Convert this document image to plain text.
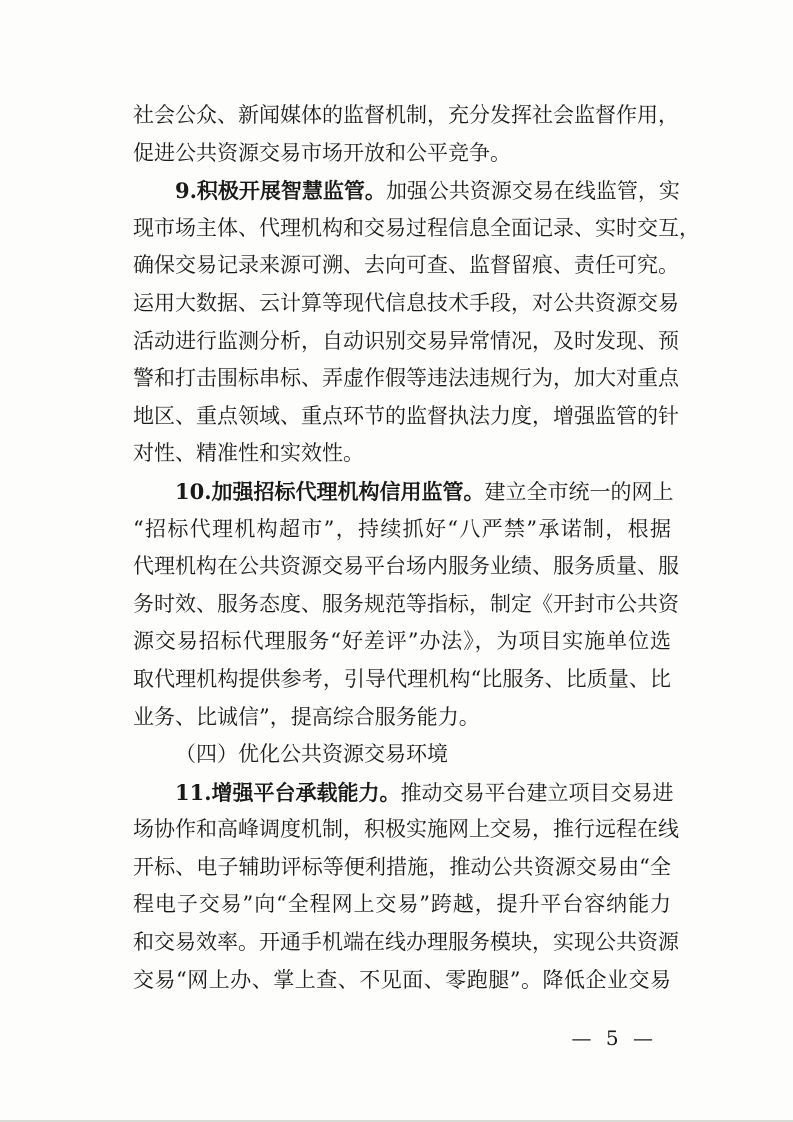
社会公众、新闻媒体的监督机制，充分发挥社会监督作用，
促进公共资源交易市场开放和公平竞争。
9.积极开展智慧监管。加强公共资源交易在线监管，实
现市场主体、代理机构和交易过程信息全面记录、实时交互，
确保交易记录来源可溯、去向可查、监督留痕、责任可究。
运用大数据、云计算等现代信息技术手段，对公共资源交易
活动进行监测分析，自动识别交易异常情况，及时发现、预
警和打击围标串标、弄虚作假等违法违规行为，加大对重点
地区、重点领域、重点环节的监督执法力度，增强监管的针
对性、精准性和实效性。
10.加强招标代理机构信用监管。建立全市统一的网上
“招标代理机构超市”，持续抓好“八严禁”承诺制，根据
代理机构在公共资源交易平台场内服务业绩、服务质量、服
务时效、服务态度、服务规范等指标，制定《开封市公共资
源交易招标代理服务“好差评”办法》，为项目实施单位选
取代理机构提供参考，引导代理机构“比服务、比质量、比
业务、比诚信”，提高综合服务能力。
（四）优化公共资源交易环境
11.增强平台承载能力。推动交易平台建立项目交易进
场协作和高峰调度机制，积极实施网上交易，推行远程在线
开标、电子辅助评标等便利措施，推动公共资源交易由“全
程电子交易”向“全程网上交易”跨越，提升平台容纳能力
和交易效率。开通手机端在线办理服务模块，实现公共资源
交易“网上办、掌上查、不见面、零跑腿”。降低企业交易
— 5 —
